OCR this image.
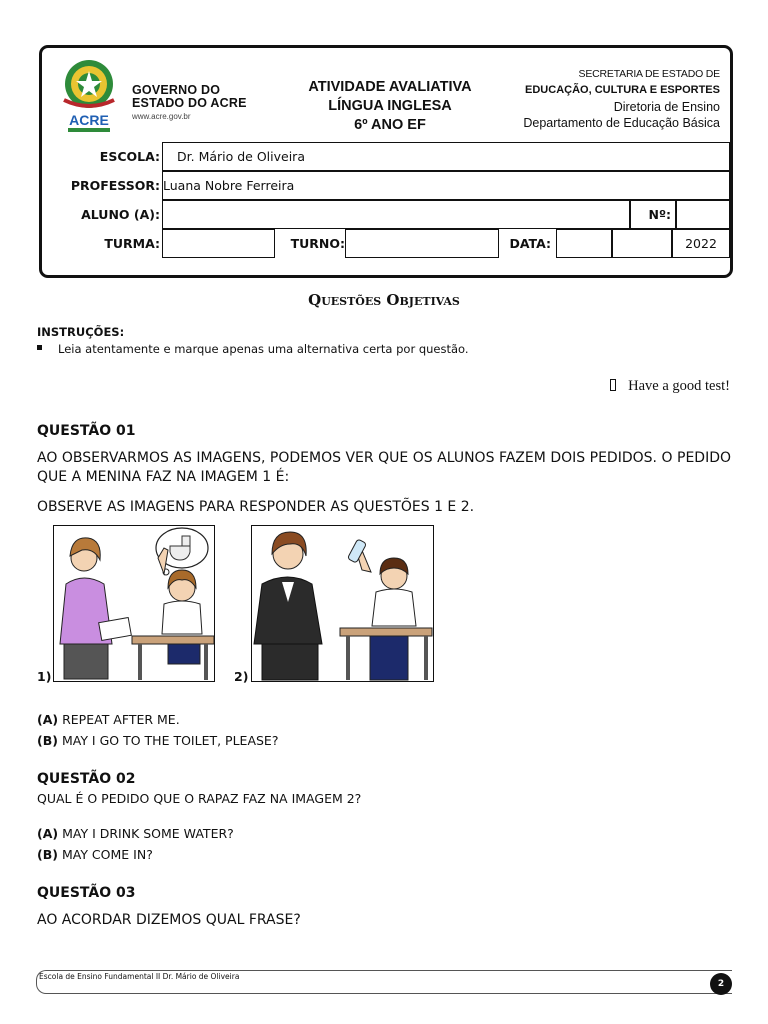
ACRE
GOVERNO DO
ESTADO DO ACRE
www.acre.gov.br
ATIVIDADE AVALIATIVA
LÍNGUA INGLESA
6º ANO EF
SECRETARIA DE ESTADO DE
EDUCAÇÃO, CULTURA E ESPORTES
Diretoria de Ensino
Departamento de Educação Básica
ESCOLA:	Dr. Mário de Oliveira
PROFESSOR: Luana Nobre Ferreira
ALUNO (A):	Nº:
TURMA:	TURNO:	DATA:	2022
Questões Objetivas
INSTRUÇÕES:
Leia atentamente e marque apenas uma alternativa certa por questão.
Have a good test!
QUESTÃO 01
AO OBSERVARMOS AS IMAGENS, PODEMOS VER QUE OS ALUNOS FAZEM DOIS PEDIDOS. O PEDIDO QUE A MENINA FAZ NA IMAGEM 1 É:
OBSERVE AS IMAGENS PARA RESPONDER AS QUESTÕES 1 E 2.
1)	2)
(A) REPEAT AFTER ME.
(B) MAY I GO TO THE TOILET, PLEASE?
QUESTÃO 02
QUAL É O PEDIDO QUE O RAPAZ FAZ NA IMAGEM 2?
(A) MAY I DRINK SOME WATER?
(B) MAY COME IN?
QUESTÃO 03
AO ACORDAR DIZEMOS QUAL FRASE?
Escola de Ensino Fundamental II Dr. Mário de Oliveira
2
